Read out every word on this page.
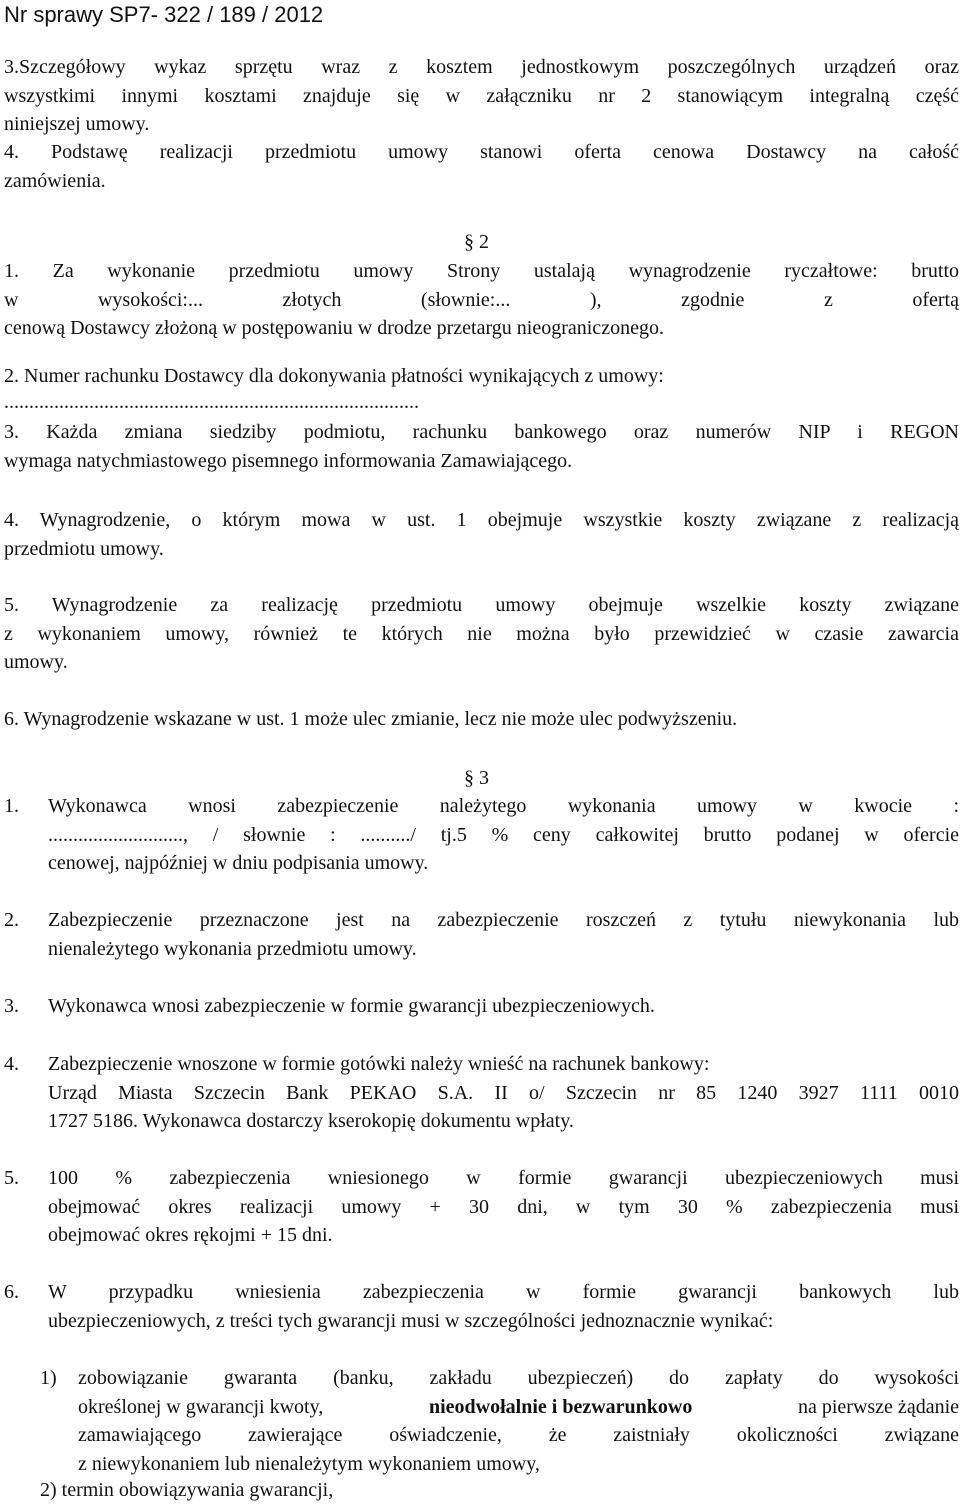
Nr sprawy SP7- 322 / 189 / 2012
3.Szczegółowy wykaz sprzętu wraz z kosztem jednostkowym poszczególnych urządzeń oraz
wszystkimi innymi kosztami znajduje się w załączniku nr 2 stanowiącym integralną część
niniejszej umowy.
4. Podstawę realizacji przedmiotu umowy stanowi oferta cenowa Dostawcy na całość
zamówienia.
§ 2
1. Za wykonanie przedmiotu umowy Strony ustalają wynagrodzenie ryczałtowe: brutto
w wysokości:... złotych (słownie:... ), zgodnie z ofertą
cenową Dostawcy złożoną w postępowaniu w drodze przetargu nieograniczonego.
2. Numer rachunku Dostawcy dla dokonywania płatności wynikających z umowy:
...................................................................................
3. Każda zmiana siedziby podmiotu, rachunku bankowego oraz numerów NIP i REGON
wymaga natychmiastowego pisemnego informowania Zamawiającego.
4. Wynagrodzenie, o którym mowa w ust. 1 obejmuje wszystkie koszty związane z realizacją
przedmiotu umowy.
5. Wynagrodzenie za realizację przedmiotu umowy obejmuje wszelkie koszty związane
z wykonaniem umowy, również te których nie można było przewidzieć w czasie zawarcia
umowy.
6. Wynagrodzenie wskazane w ust. 1 może ulec zmianie, lecz nie może ulec podwyższeniu.
§ 3
1. Wykonawca wnosi zabezpieczenie należytego wykonania umowy w kwocie :
..........................., / słownie : ........../ tj.5 % ceny całkowitej brutto podanej w ofercie
cenowej, najpóźniej w dniu podpisania umowy.
2. Zabezpieczenie przeznaczone jest na zabezpieczenie roszczeń z tytułu niewykonania lub
nienależytego wykonania przedmiotu umowy.
3. Wykonawca wnosi zabezpieczenie w formie gwarancji ubezpieczeniowych.
4. Zabezpieczenie wnoszone w formie gotówki należy wnieść na rachunek bankowy:
Urząd Miasta Szczecin Bank PEKAO S.A. II o/ Szczecin nr 85 1240 3927 1111 0010
1727 5186. Wykonawca dostarczy kserokopię dokumentu wpłaty.
5. 100 % zabezpieczenia wniesionego w formie gwarancji ubezpieczeniowych musi
obejmować okres realizacji umowy + 30 dni, w tym 30 % zabezpieczenia musi
obejmować okres rękojmi + 15 dni.
6. W przypadku wniesienia zabezpieczenia w formie gwarancji bankowych lub
ubezpieczeniowych, z treści tych gwarancji musi w szczególności jednoznacznie wynikać:
1) zobowiązanie gwaranta (banku, zakładu ubezpieczeń) do zapłaty do wysokości
określonej w gwarancji kwoty,	nieodwołalnie i bezwarunkowo	na pierwsze żądanie
zamawiającego zawierające oświadczenie, że zaistniały okoliczności związane
z niewykonaniem lub nienależytym wykonaniem umowy,
2) termin obowiązywania gwarancji,
